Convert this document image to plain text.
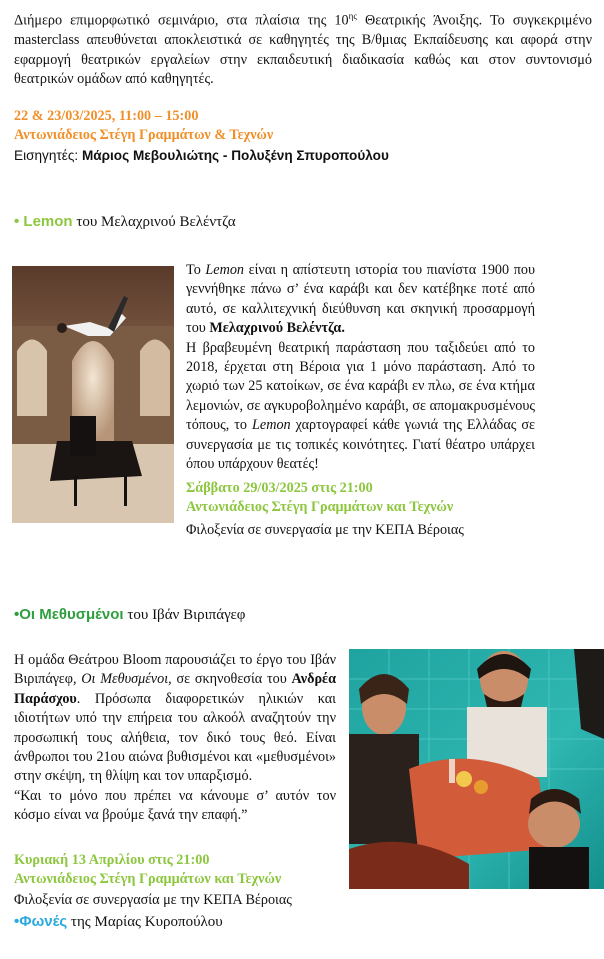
Διήμερο επιμορφωτικό σεμινάριο, στα πλαίσια της $10^{\eta\varsigma}$ Θεατρικής Άνοιξης. Το συγκεκριμένο masterclass απευθύνεται αποκλειστικά σε καθηγητές της Β/θμιας Εκπαίδευσης και αφορά στην εφαρμογή θεατρικών εργαλείων στην εκπαιδευτική διαδικασία καθώς και στον συντονισμό θεατρικών ομάδων από καθηγητές.
22 & 23/03/2025, 11:00 – 15:00
Αντωνιάδειος Στέγη Γραμμάτων & Τεχνών
Εισηγητές: Μάριος Μεβουλιώτης - Πολυξένη Σπυροπούλου
• Lemon του Μελαχρινού Βελέντζα
Το Lemon είναι η απίστευτη ιστορία του πιανίστα 1900 που γεννήθηκε πάνω σ’ ένα καράβι και δεν κατέβηκε ποτέ από αυτό, σε καλλιτεχνική διεύθυνση και σκηνική προσαρμογή του Μελαχρινού Βελέντζα.
Η βραβευμένη θεατρική παράσταση που ταξιδεύει από το 2018, έρχεται στη Βέροια για 1 μόνο παράσταση. Από το χωριό των 25 κατοίκων, σε ένα καράβι εν πλω, σε ένα κτήμα λεμονιών, σε αγκυροβολημένο καράβι, σε απομακρυσμένους τόπους, το Lemon χαρτογραφεί κάθε γωνιά της Ελλάδας σε συνεργασία με τις τοπικές κοινότητες. Γιατί θέατρο υπάρχει όπου υπάρχουν θεατές!
Σάββατο 29/03/2025 στις 21:00
Αντωνιάδειος Στέγη Γραμμάτων και Τεχνών
Φιλοξενία σε συνεργασία με την ΚΕΠΑ Βέροιας
•Οι Μεθυσμένοι του Ιβάν Βιριπάγεφ
Η ομάδα Θεάτρου Bloom παρουσιάζει το έργο του Ιβάν Βιριπάγεφ, Οι Μεθυσμένοι, σε σκηνοθεσία του Ανδρέα Παράσχου. Πρόσωπα διαφορετικών ηλικιών και ιδιοτήτων υπό την επήρεια του αλκοόλ αναζητούν την προσωπική τους αλήθεια, τον δικό τους θεό. Είναι άνθρωποι του 21ου αιώνα βυθισμένοι και «μεθυσμένοι» στην σκέψη, τη θλίψη και τον υπαρξισμό.
“Και το μόνο που πρέπει να κάνουμε σ’ αυτόν τον κόσμο είναι να βρούμε ξανά την επαφή.”
Κυριακή 13 Απριλίου στις 21:00
Αντωνιάδειος Στέγη Γραμμάτων και Τεχνών
Φιλοξενία σε συνεργασία με την ΚΕΠΑ Βέροιας
•Φωνές της Μαρίας Κυροπούλου
